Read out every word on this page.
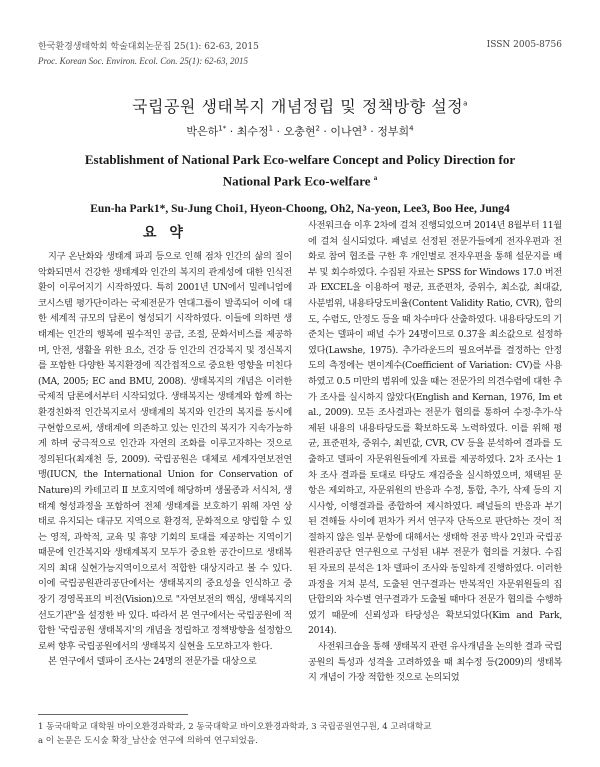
한국환경생태학회 학술대회논문집 25(1): 62-63, 2015
Proc. Korean Soc. Environ. Ecol. Con. 25(1): 62-63, 2015
ISSN 2005-8756
국립공원 생태복지 개념정립 및 정책방향 설정$^a$
박은하$^{1*}$ · 최수정$^1$ · 오충현$^2$ · 이나연$^3$ · 정부희$^4$
Establishment of National Park Eco-welfare Concept and Policy Direction for
National Park Eco-welfare $^a$
Eun-ha Park1*, Su-Jung Choi1, Hyeon-Choong, Oh2, Na-yeon, Lee3, Boo Hee, Jung4
요 약

지구 온난화와 생태계 파괴 등으로 인해 점차 인간의 삶의 질이 악화되면서 건강한 생태계와 인간의 복지의 관계성에 대한 인식전환이 이루어지기 시작하였다. 특히 2001년 UN에서 밀레니엄에코시스템 평가단이라는 국제전문가 연대그룹이 발족되어 이에 대한 세계적 규모의 담론이 형성되기 시작하였다. 이들에 의하면 생태계는 인간의 행복에 필수적인 공급, 조절, 문화서비스를 제공하며, 안전, 생활을 위한 요소, 건강 등 인간의 건강복지 및 정신복지를 포함한 다양한 복지환경에 직간접적으로 중요한 영향을 미친다(MA, 2005; EC and BMU, 2008). 생태복지의 개념은 이러한 국제적 담론에서부터 시작되었다. 생태복지는 생태계와 함께 하는 환경친화적 인간복지로서 생태계의 복지와 인간의 복지를 동시에 구현함으로써, 생태계에 의존하고 있는 인간의 복지가 지속가능하게 하며 궁극적으로 인간과 자연의 조화를 이루고자하는 것으로 정의된다(최재천 등, 2009). 국립공원은 대체로 세계자연보전연맹(IUCN, the International Union for Conservation of Nature)의 카테고리 Ⅱ 보호지역에 해당하며 생물종과 서식처, 생태계 형성과정을 포함하여 전체 생태계를 보호하기 위해 자연 상태로 유지되는 대규모 지역으로 환경적, 문화적으로 양립할 수 있는 영적, 과학적, 교육 및 휴양 기회의 토대를 제공하는 지역이기 때문에 인간복지와 생태계복지 모두가 중요한 공간이므로 생태복지의 최대 실현가능지역이으로서 적합한 대상지라고 볼 수 있다. 이에 국립공원관리공단에서는 생태복지의 중요성을 인식하고 중장기 경영목표의 비전(Vision)으로 "자연보전의 핵심, 생태복지의 선도기관"을 설정한 바 있다. 따라서 본 연구에서는 국립공원에 적합한 '국립공원 생태복지'의 개념을 정립하고 정책방향을 설정함으로써 향후 국립공원에서의 생태복지 실현을 도모하고자 한다.

본 연구에서 델파이 조사는 24명의 전문가를 대상으로

사전워크숍 이후 2차에 걸쳐 진행되었으며 2014년 8월부터 11월에 걸쳐 실시되었다. 패널로 선정된 전문가들에게 전자우편과 전화로 참여 협조를 구한 후 개인별로 전자우편을 통해 설문지를 배부 및 회수하였다. 수집된 자료는 SPSS for Windows 17.0 버전과 EXCEL을 이용하여 평균, 표준편차, 중위수, 최소값, 최대값, 사분범위, 내용타당도비율(Content Validity Ratio, CVR), 합의도, 수렴도, 안정도 등을 때 차수마다 산출하였다. 내용타당도의 기준치는 델파이 패널 수가 24명이므로 0.37을 최소값으로 설정하였다(Lawshe, 1975). 추가라운드의 필요여부를 결정하는 안정도의 측정에는 변이계수(Coefficient of Variation: CV)를 사용하였고 0.5 미만의 범위에 있을 때는 전문가의 의견수렴에 대한 추가 조사를 실시하지 않았다(English and Kernan, 1976, Im et al., 2009). 모든 조사결과는 전문가 협의를 통하여 수정·추가·삭제된 내용의 내용타당도를 확보하도록 노력하였다. 이를 위해 평균, 표준편차, 중위수, 최빈값, CVR, CV 등을 분석하여 결과를 도출하고 델파이 자문위원들에게 자료를 제공하였다. 2차 조사는 1차 조사 결과를 토대로 타당도 재검증을 실시하였으며, 채택된 문항은 제외하고, 자문위원의 반응과 수정, 통합, 추가, 삭제 등의 지시사항, 이행결과를 종합하여 제시하였다. 패널들의 반응과 부기된 견해들 사이에 편차가 커서 연구자 단독으로 판단하는 것이 적절하지 않은 일부 문항에 대해서는 생태학 전공 박사 2인과 국립공원관리공단 연구원으로 구성된 내부 전문가 협의를 거쳤다. 수집된 자료의 분석은 1차 델파이 조사와 동일하게 진행하였다. 이러한 과정을 거쳐 분석, 도출된 연구결과는 반복적인 자문위원들의 집단합의와 차수별 연구결과가 도출될 때마다 전문가 협의를 수행하였기 때문에 신뢰성과 타당성은 확보되었다(Kim and Park, 2014).

사전워크숍을 통해 생태복지 관련 유사개념을 논의한 결과 국립공원의 특성과 성격을 고려하였을 때 최수정 등(2009)의 생태복지 개념이 가장 적합한 것으로 논의되었

1 동국대학교 대학원 바이오환경과학과, 2 동국대학교 바이오환경과학과, 3 국립공원연구원, 4 고려대학교
a 이 논문은 도시숲 확장_남산숲 연구에 의하여 연구되었음.
